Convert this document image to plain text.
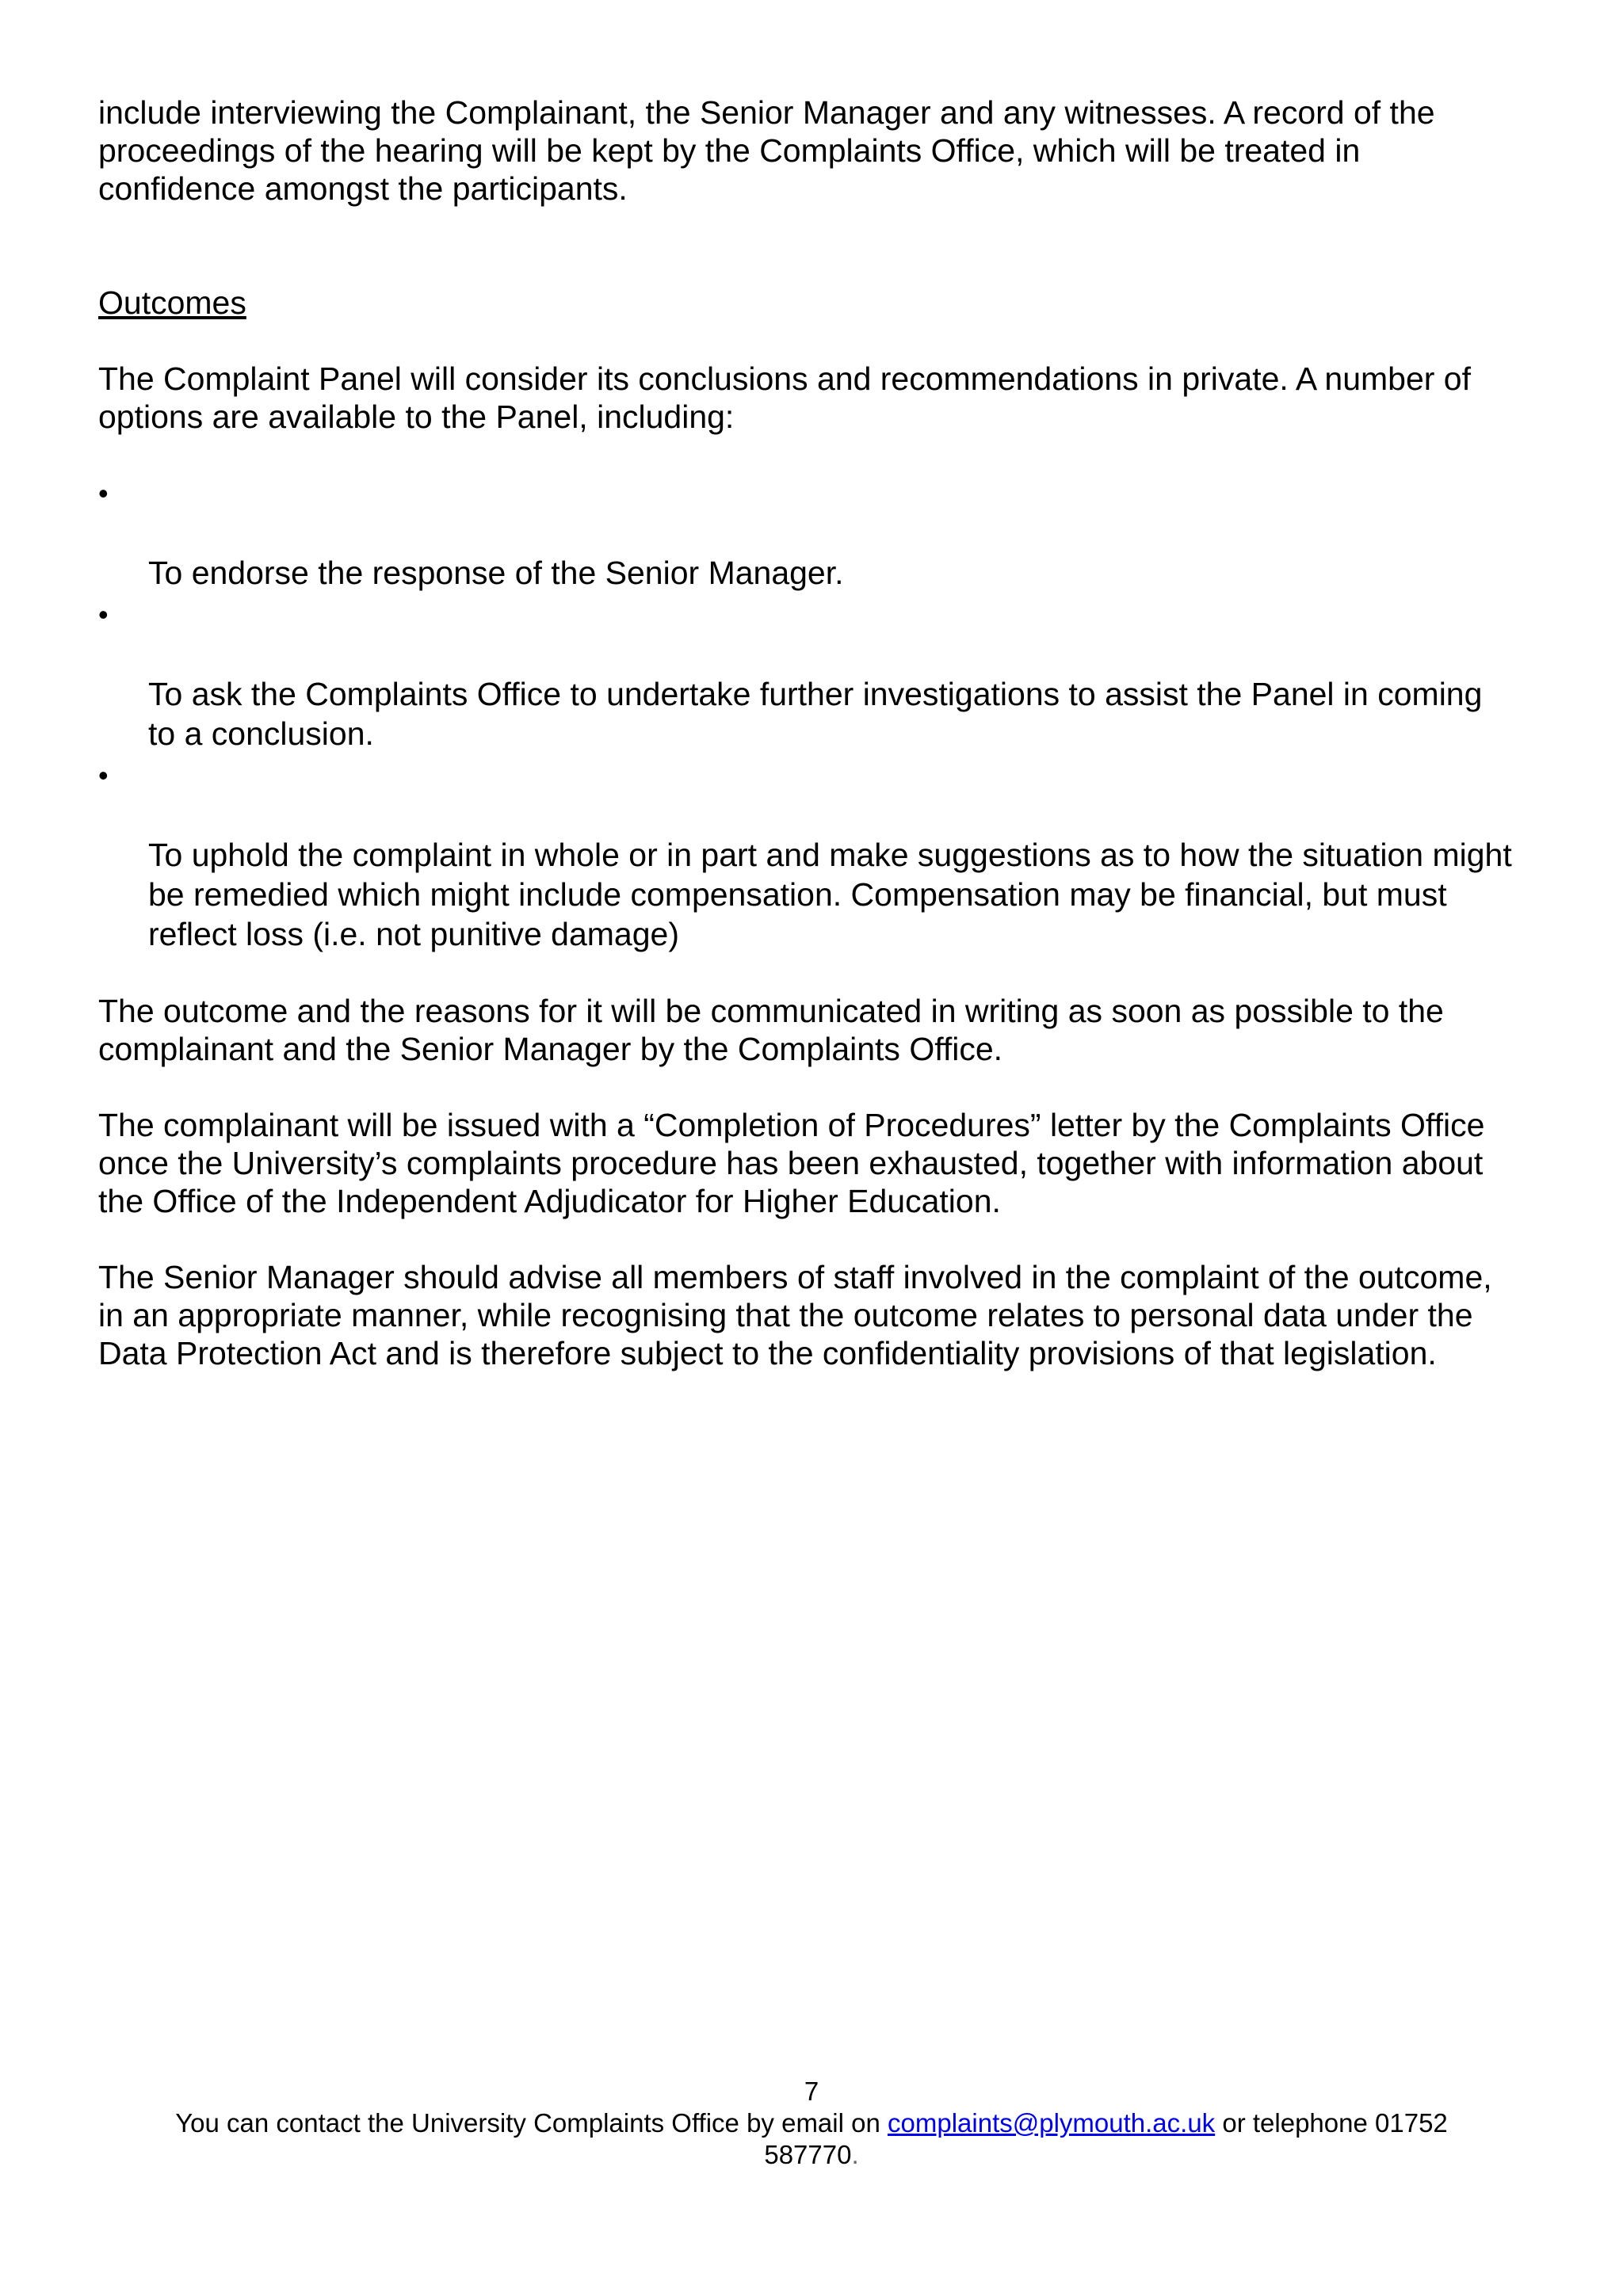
include interviewing the Complainant, the Senior Manager and any witnesses. A record of the
proceedings of the hearing will be kept by the Complaints Office, which will be treated in
confidence amongst the participants.

Outcomes

The Complaint Panel will consider its conclusions and recommendations in private. A number of
options are available to the Panel, including:

•

To endorse the response of the Senior Manager.

•

To ask the Complaints Office to undertake further investigations to assist the Panel in coming
to a conclusion.

•

To uphold the complaint in whole or in part and make suggestions as to how the situation might
be remedied which might include compensation. Compensation may be financial, but must
reflect loss (i.e. not punitive damage)

The outcome and the reasons for it will be communicated in writing as soon as possible to the
complainant and the Senior Manager by the Complaints Office.

The complainant will be issued with a “Completion of Procedures” letter by the Complaints Office
once the University’s complaints procedure has been exhausted, together with information about
the Office of the Independent Adjudicator for Higher Education.

The Senior Manager should advise all members of staff involved in the complaint of the outcome,
in an appropriate manner, while recognising that the outcome relates to personal data under the
Data Protection Act and is therefore subject to the confidentiality provisions of that legislation.

7
You can contact the University Complaints Office by email on complaints@plymouth.ac.uk or telephone 01752
587770.
